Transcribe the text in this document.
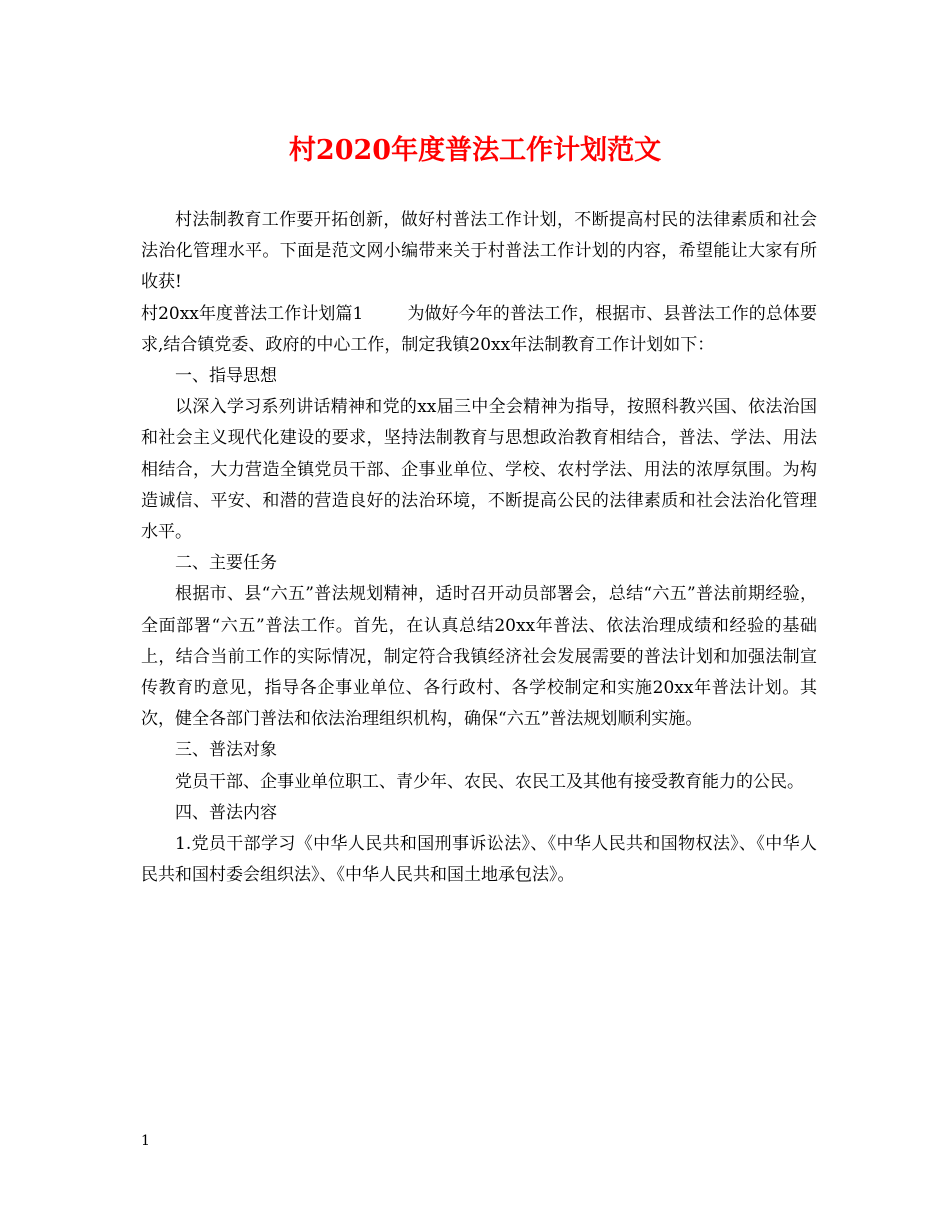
村2020年度普法工作计划范文

村法制教育工作要开拓创新，做好村普法工作计划，不断提高村民的法律素质和社会法治化管理水平。下面是范文网小编带来关于村普法工作计划的内容，希望能让大家有所收获!

村20xx年度普法工作计划篇1	为做好今年的普法工作，根据市、县普法工作的总体要求,结合镇党委、政府的中心工作，制定我镇20xx年法制教育工作计划如下：

一、指导思想

以深入学习系列讲话精神和党的xx届三中全会精神为指导，按照科教兴国、依法治国和社会主义现代化建设的要求，坚持法制教育与思想政治教育相结合，普法、学法、用法相结合，大力营造全镇党员干部、企事业单位、学校、农村学法、用法的浓厚氛围。为构造诚信、平安、和潜的营造良好的法治环境，不断提高公民的法律素质和社会法治化管理水平。

二、主要任务

根据市、县“六五”普法规划精神，适时召开动员部署会，总结“六五”普法前期经验，全面部署“六五”普法工作。首先，在认真总结20xx年普法、依法治理成绩和经验的基础上，结合当前工作的实际情况，制定符合我镇经济社会发展需要的普法计划和加强法制宣传教育旳意见，指导各企事业单位、各行政村、各学校制定和实施20xx年普法计划。其次，健全各部门普法和依法治理组织机构，确保“六五”普法规划顺利实施。

三、普法对象

党员干部、企事业单位职工、青少年、农民、农民工及其他有接受教育能力的公民。

四、普法内容

1.党员干部学习《中华人民共和国刑事诉讼法》、《中华人民共和国物权法》、《中华人民共和国村委会组织法》、《中华人民共和国土地承包法》。

1
